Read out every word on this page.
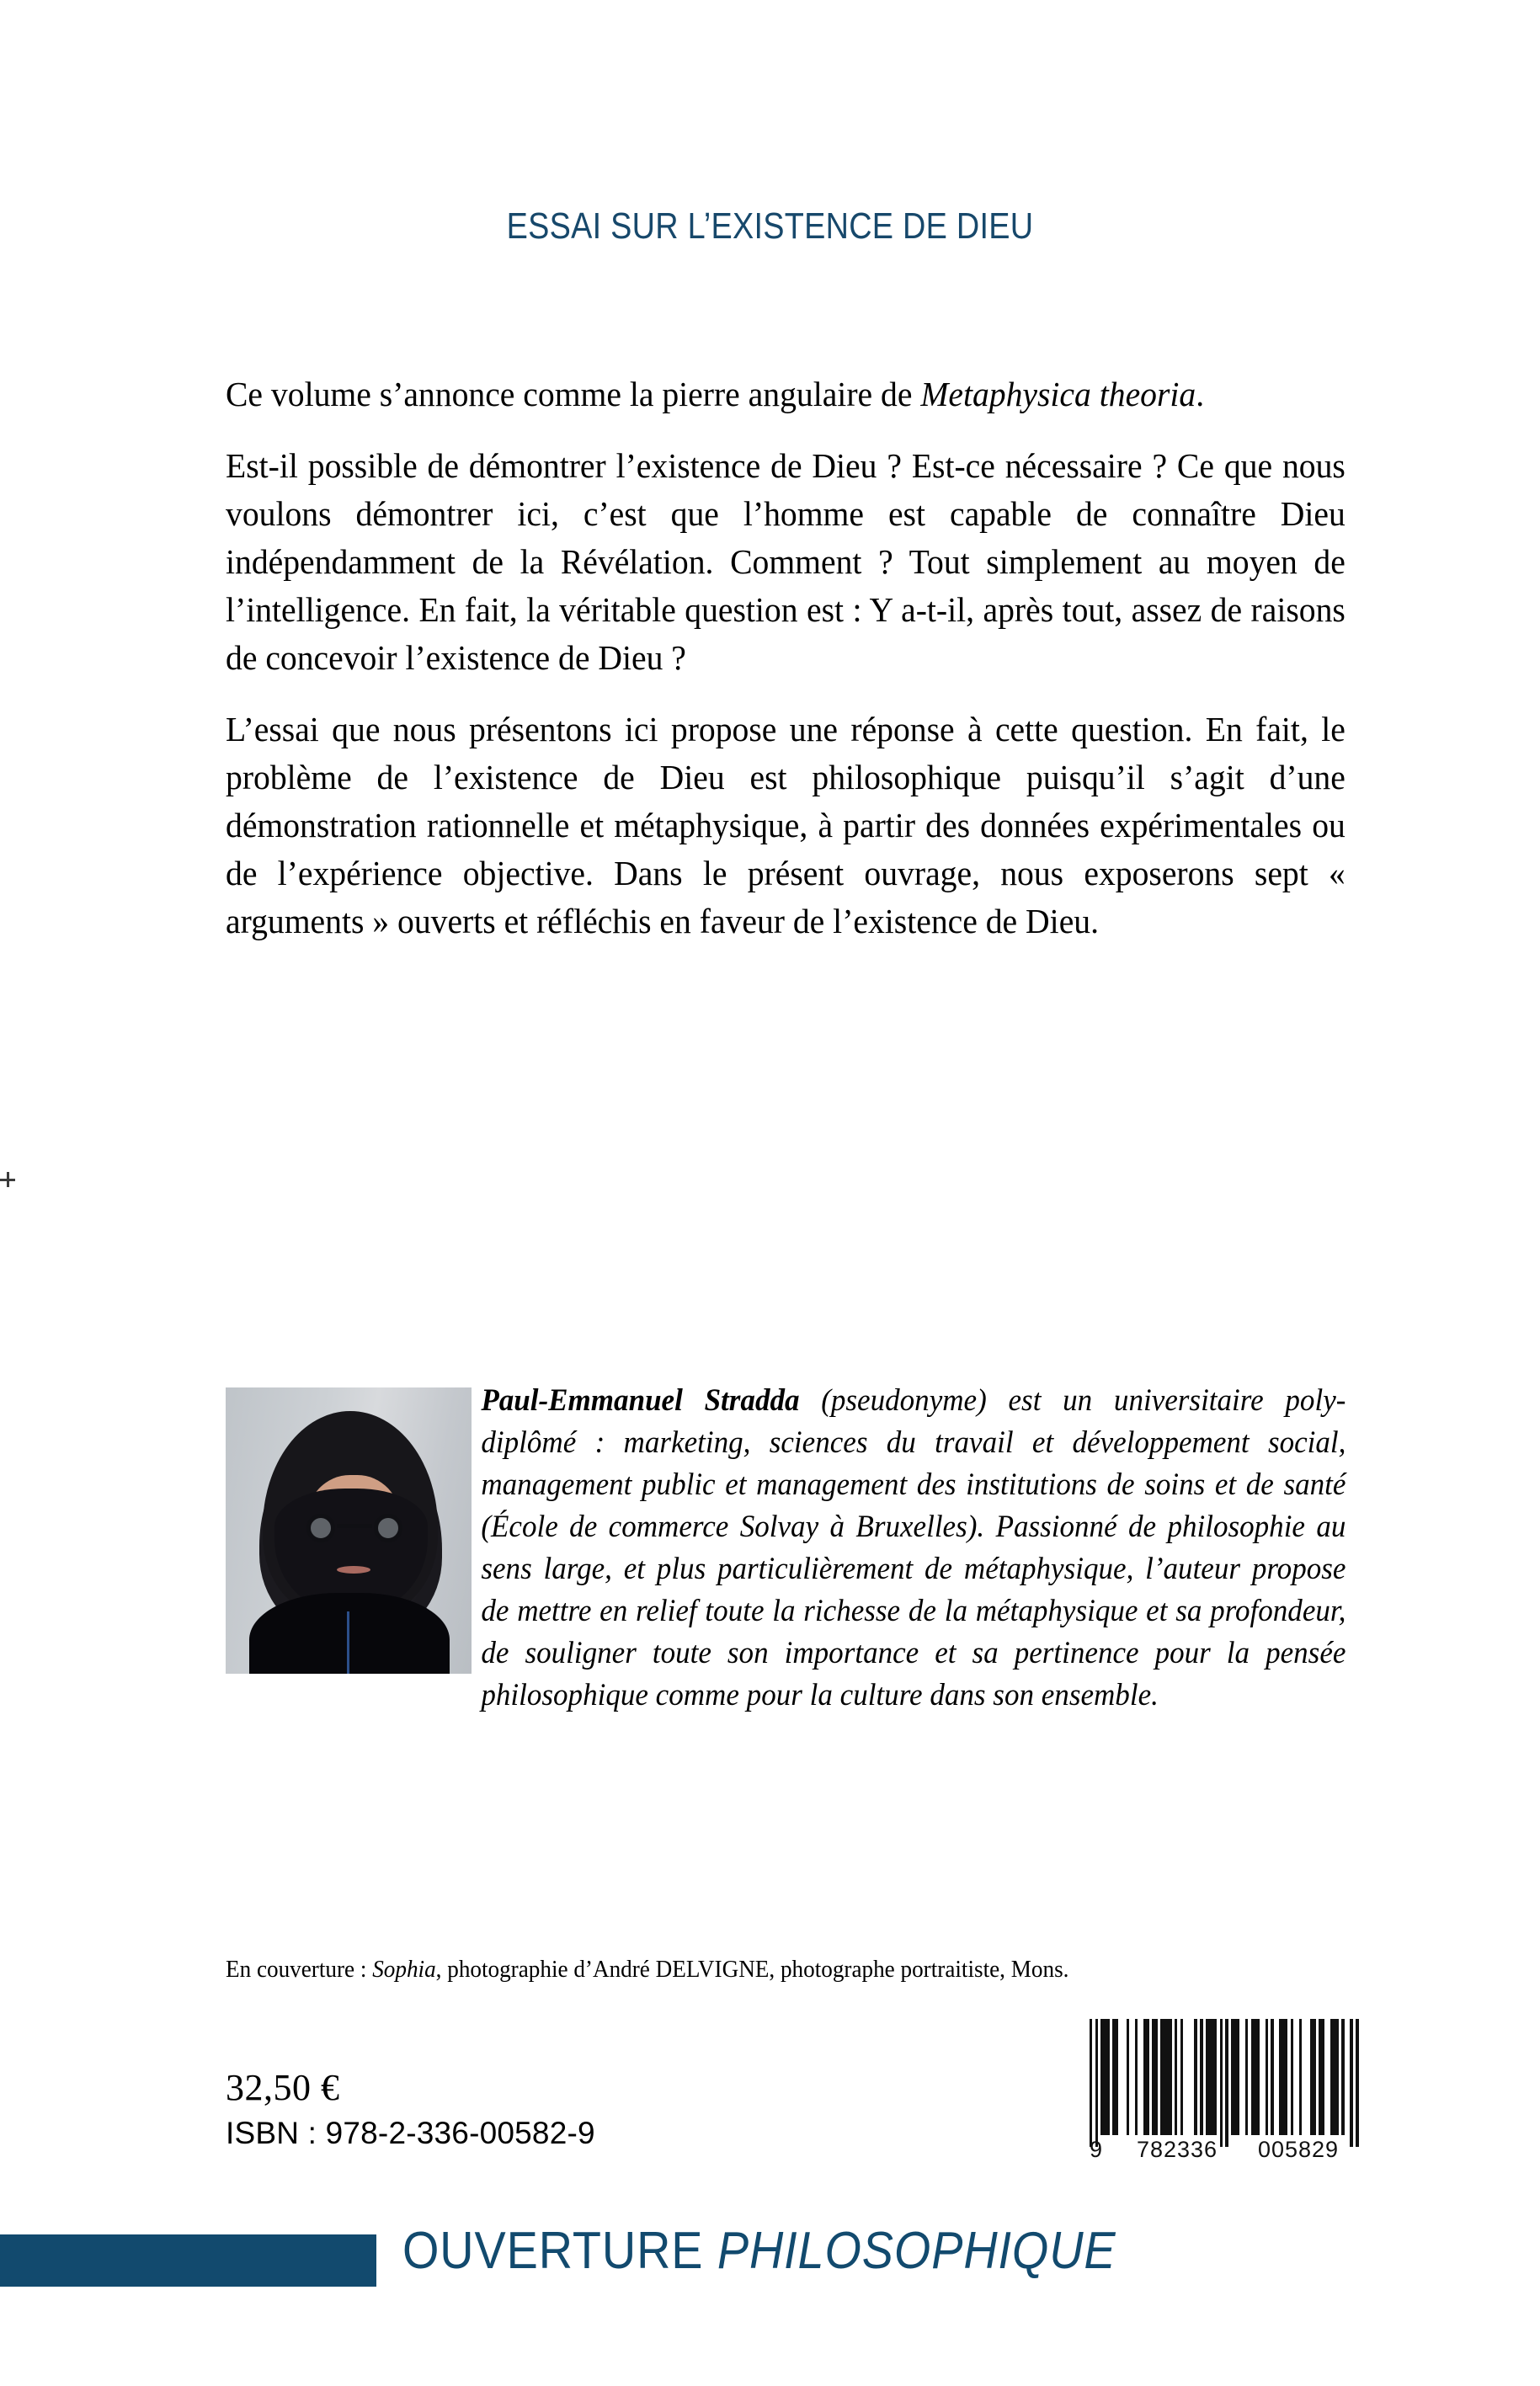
ESSAI SUR L’EXISTENCE DE DIEU

Ce volume s’annonce comme la pierre angulaire de Metaphysica theoria.

Est-il possible de démontrer l’existence de Dieu ? Est-ce nécessaire ? Ce que nous voulons démontrer ici, c’est que l’homme est capable de connaître Dieu indépendamment de la Révélation. Comment ? Tout simplement au moyen de l’intelligence. En fait, la véritable question est : Y a-t-il, après tout, assez de raisons de concevoir l’existence de Dieu ?

L’essai que nous présentons ici propose une réponse à cette question. En fait, le problème de l’existence de Dieu est philosophique puisqu’il s’agit d’une démonstration rationnelle et métaphysique, à partir des données expérimentales ou de l’expérience objective. Dans le présent ouvrage, nous exposerons sept « arguments » ouverts et réfléchis en faveur de l’existence de Dieu.

Paul-Emmanuel Stradda (pseudonyme) est un universitaire poly-diplômé : marketing, sciences du travail et développement social, management public et management des institutions de soins et de santé (École de commerce Solvay à Bruxelles). Passionné de philosophie au sens large, et plus particulièrement de métaphysique, l’auteur propose de mettre en relief toute la richesse de la métaphysique et sa profondeur, de souligner toute son importance et sa pertinence pour la pensée philosophique comme pour la culture dans son ensemble.
En couverture : Sophia, photographie d’André DELVIGNE, photographe portraitiste, Mons.
32,50 €
ISBN : 978-2-336-00582-9	9	782336	005829
OUVERTURE PHILOSOPHIQUE
